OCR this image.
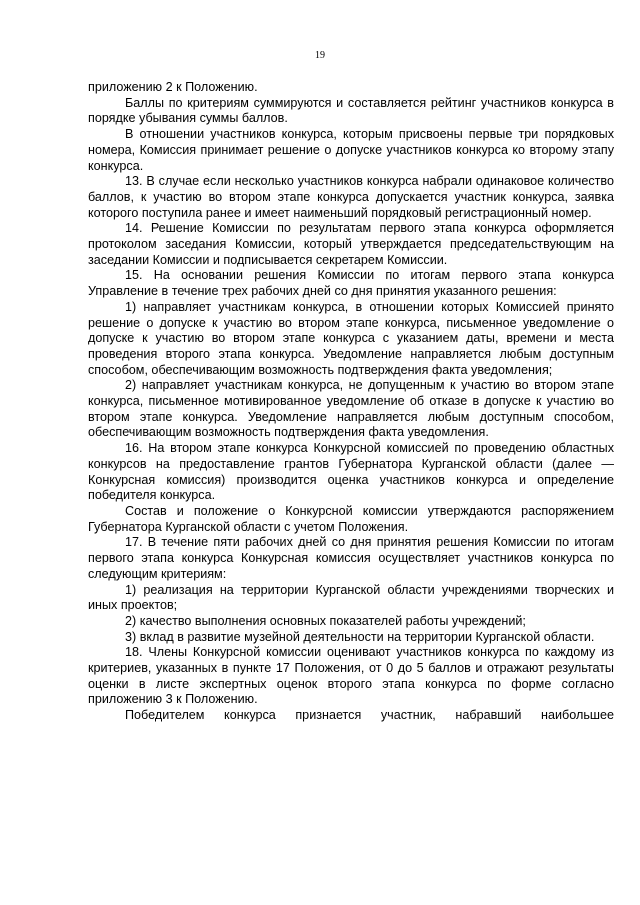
19

приложению 2 к Положению.

Баллы по критериям суммируются и составляется рейтинг участников конкурса в порядке убывания суммы баллов.

В отношении участников конкурса, которым присвоены первые три порядковых номера, Комиссия принимает решение о допуске участников конкурса ко второму этапу конкурса.

13. В случае если несколько участников конкурса набрали одинаковое количество баллов, к участию во втором этапе конкурса допускается участник конкурса, заявка которого поступила ранее и имеет наименьший порядковый регистрационный номер.

14. Решение Комиссии по результатам первого этапа конкурса оформляется протоколом заседания Комиссии, который утверждается председательствующим на заседании Комиссии и подписывается секретарем Комиссии.

15. На основании решения Комиссии по итогам первого этапа конкурса Управление в течение трех рабочих дней со дня принятия указанного решения:

1) направляет участникам конкурса, в отношении которых Комиссией принято решение о допуске к участию во втором этапе конкурса, письменное уведомление о допуске к участию во втором этапе конкурса с указанием даты, времени и места проведения второго этапа конкурса. Уведомление направляется любым доступным способом, обеспечивающим возможность подтверждения факта уведомления;

2) направляет участникам конкурса, не допущенным к участию во втором этапе конкурса, письменное мотивированное уведомление об отказе в допуске к участию во втором этапе конкурса. Уведомление направляется любым доступным способом, обеспечивающим возможность подтверждения факта уведомления.

16. На втором этапе конкурса Конкурсной комиссией по проведению областных конкурсов на предоставление грантов Губернатора Курганской области (далее — Конкурсная комиссия) производится оценка участников конкурса и определение победителя конкурса.

Состав и положение о Конкурсной комиссии утверждаются распоряжением Губернатора Курганской области с учетом Положения.

17. В течение пяти рабочих дней со дня принятия решения Комиссии по итогам первого этапа конкурса Конкурсная комиссия осуществляет участников конкурса по следующим критериям:

1) реализация на территории Курганской области учреждениями творческих и иных проектов;

2) качество выполнения основных показателей работы учреждений;

3) вклад в развитие музейной деятельности на территории Курганской области.

18. Члены Конкурсной комиссии оценивают участников конкурса по каждому из критериев, указанных в пункте 17 Положения, от 0 до 5 баллов и отражают результаты оценки в листе экспертных оценок второго этапа конкурса по форме согласно приложению 3 к Положению.

Победителем конкурса признается участник, набравший наибольшее
